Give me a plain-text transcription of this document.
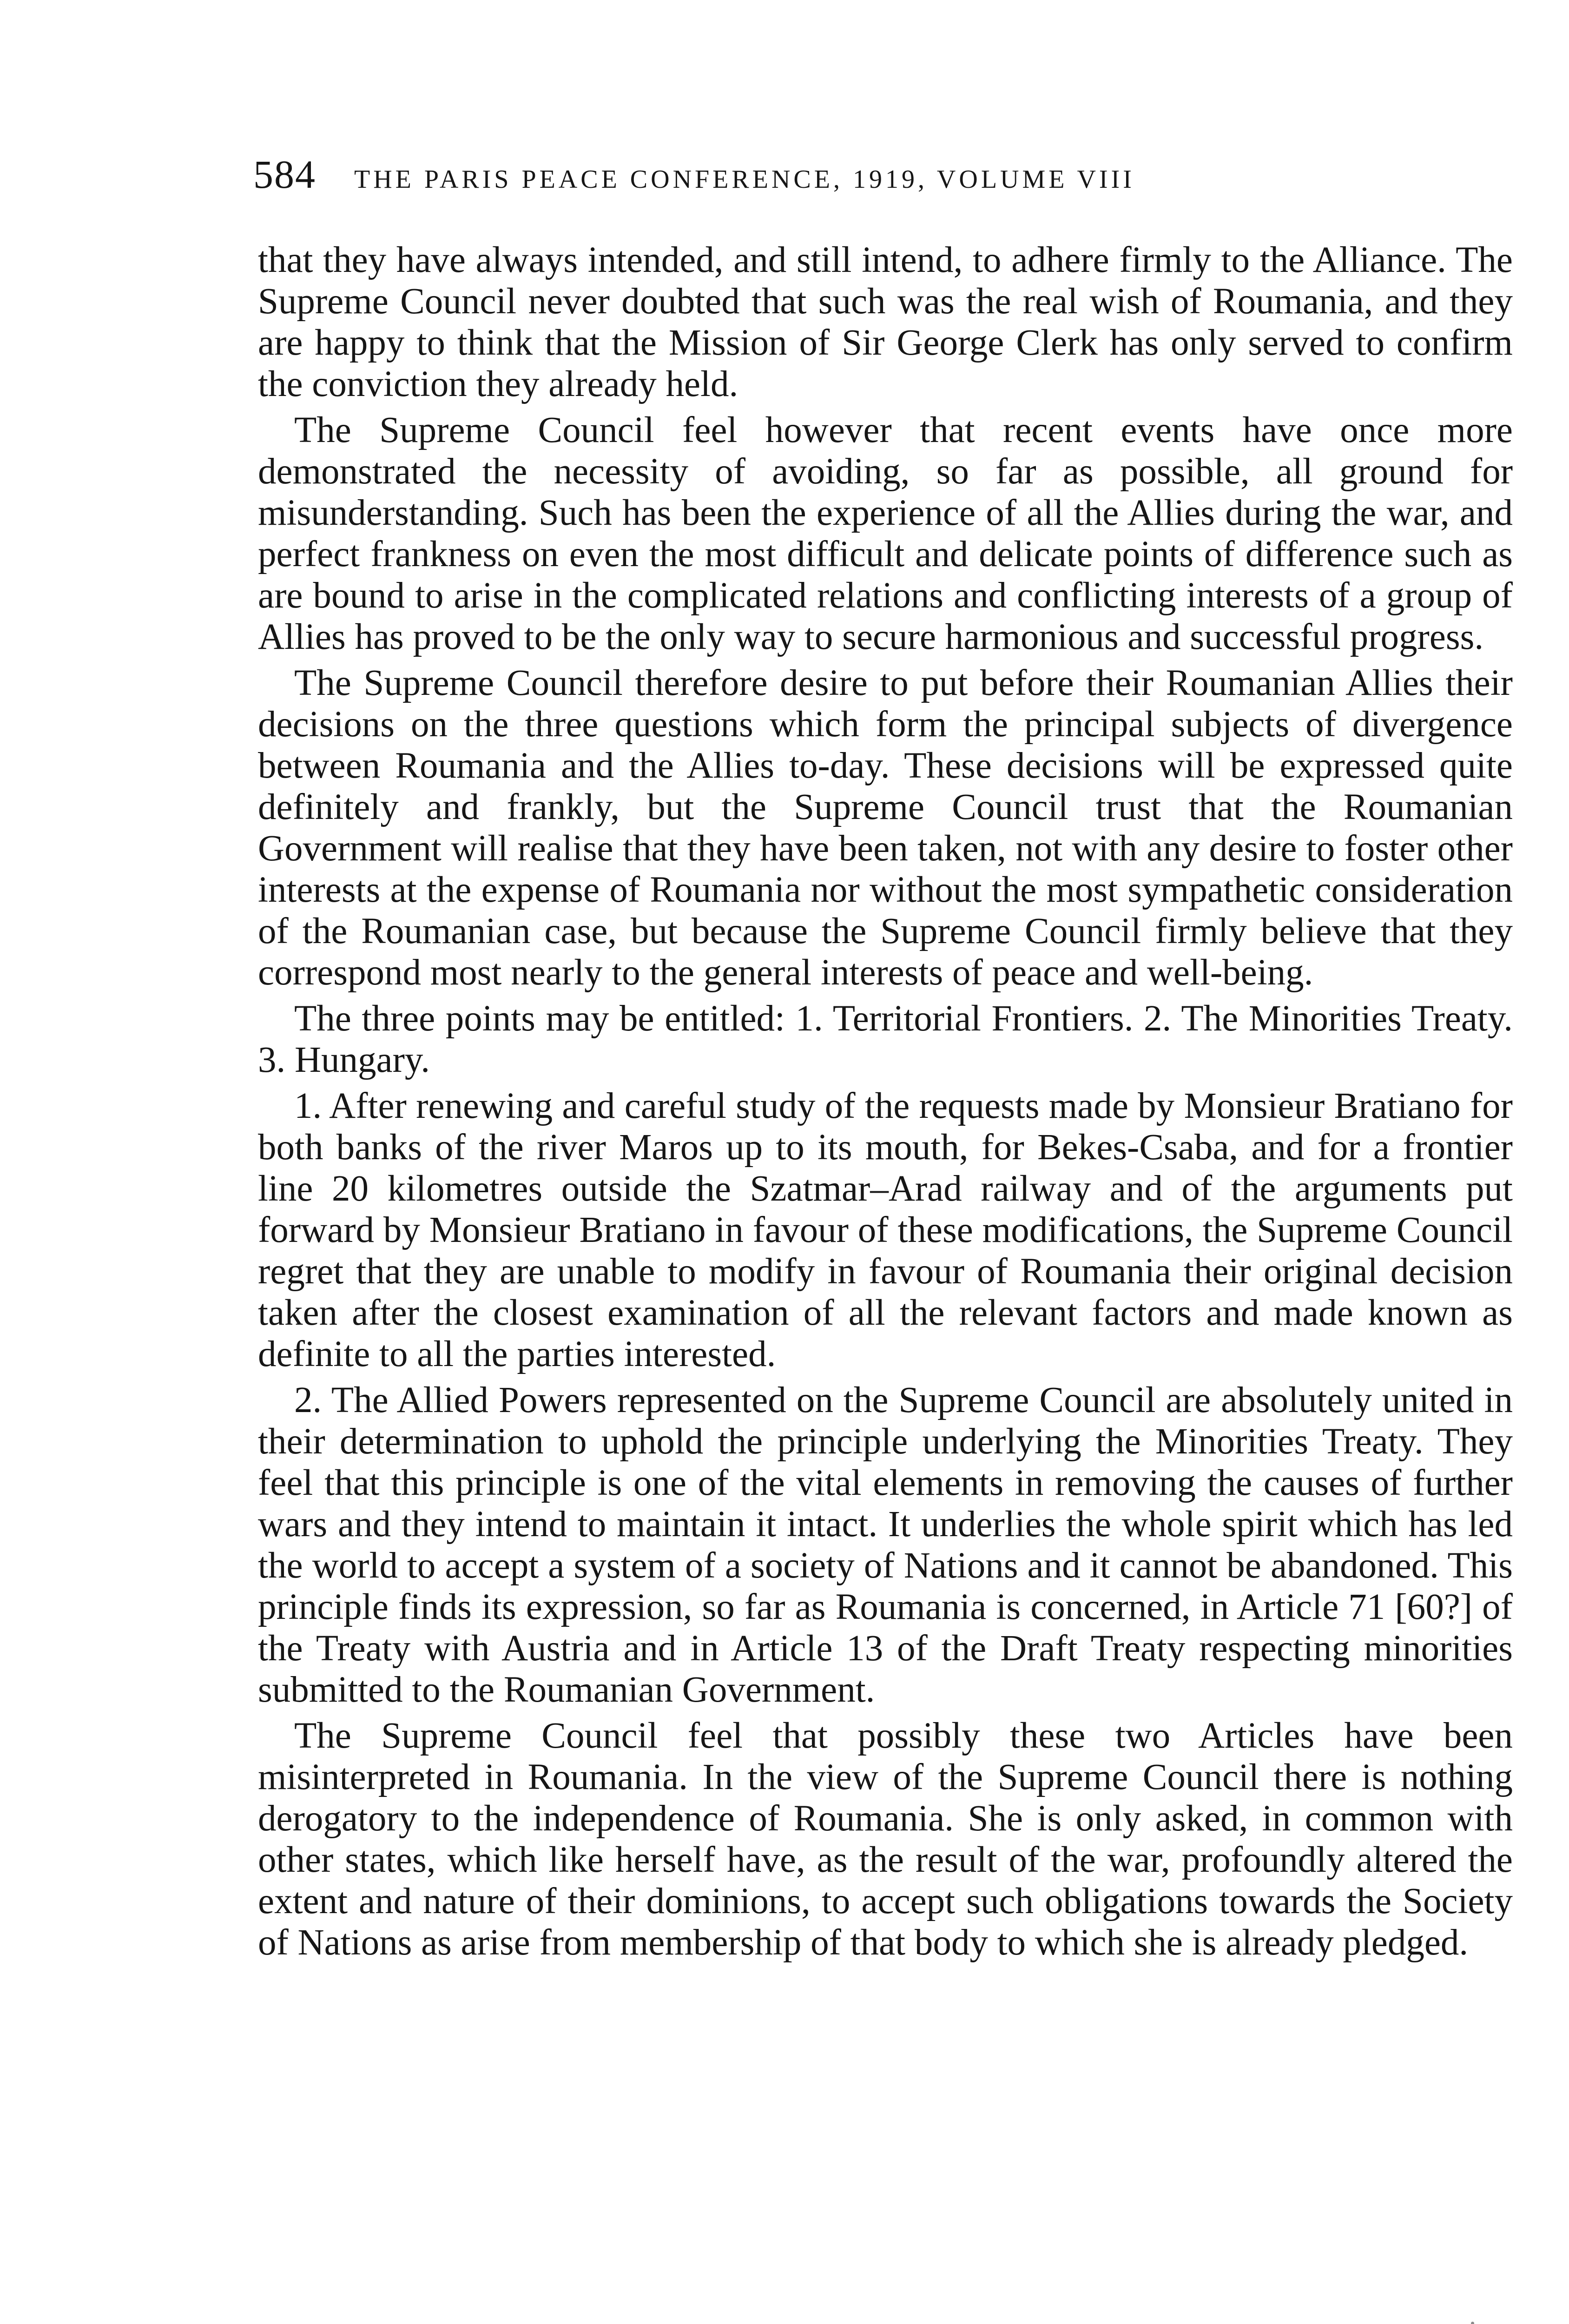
584 THE PARIS PEACE CONFERENCE, 1919, VOLUME VIII

that they have always intended, and still intend, to adhere firmly to the Alliance. The Supreme Council never doubted that such was the real wish of Roumania, and they are happy to think that the Mission of Sir George Clerk has only served to confirm the conviction they already held.

The Supreme Council feel however that recent events have once more demonstrated the necessity of avoiding, so far as possible, all ground for misunderstanding. Such has been the experience of all the Allies during the war, and perfect frankness on even the most difficult and delicate points of difference such as are bound to arise in the complicated relations and conflicting interests of a group of Allies has proved to be the only way to secure harmonious and successful progress.

The Supreme Council therefore desire to put before their Roumanian Allies their decisions on the three questions which form the principal subjects of divergence between Roumania and the Allies to-day. These decisions will be expressed quite definitely and frankly, but the Supreme Council trust that the Roumanian Government will realise that they have been taken, not with any desire to foster other interests at the expense of Roumania nor without the most sympathetic consideration of the Roumanian case, but because the Supreme Council firmly believe that they correspond most nearly to the general interests of peace and well-being.

The three points may be entitled: 1. Territorial Frontiers. 2. The Minorities Treaty. 3. Hungary.

1. After renewing and careful study of the requests made by Monsieur Bratiano for both banks of the river Maros up to its mouth, for Bekes-Csaba, and for a frontier line 20 kilometres outside the Szatmar–Arad railway and of the arguments put forward by Monsieur Bratiano in favour of these modifications, the Supreme Council regret that they are unable to modify in favour of Roumania their original decision taken after the closest examination of all the relevant factors and made known as definite to all the parties interested.

2. The Allied Powers represented on the Supreme Council are absolutely united in their determination to uphold the principle underlying the Minorities Treaty. They feel that this principle is one of the vital elements in removing the causes of further wars and they intend to maintain it intact. It underlies the whole spirit which has led the world to accept a system of a society of Nations and it cannot be abandoned. This principle finds its expression, so far as Roumania is concerned, in Article 71 [60?] of the Treaty with Austria and in Article 13 of the Draft Treaty respecting minorities submitted to the Roumanian Government.

The Supreme Council feel that possibly these two Articles have been misinterpreted in Roumania. In the view of the Supreme Council there is nothing derogatory to the independence of Roumania. She is only asked, in common with other states, which like herself have, as the result of the war, profoundly altered the extent and nature of their dominions, to accept such obligations towards the Society of Nations as arise from membership of that body to which she is already pledged.
